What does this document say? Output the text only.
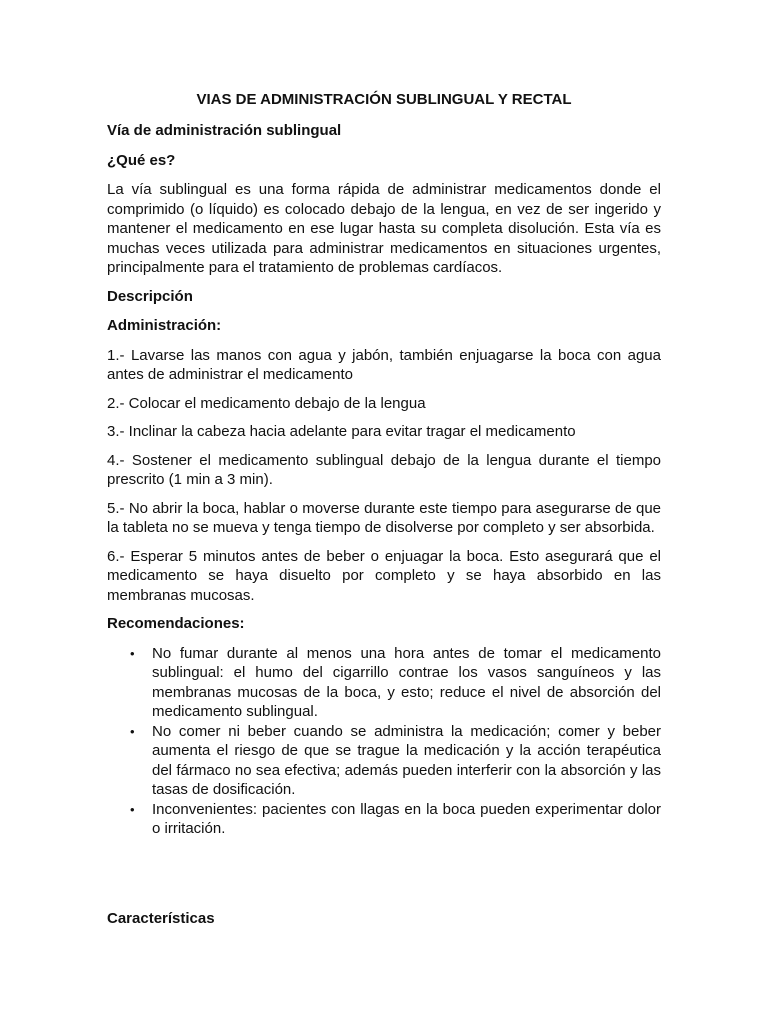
VIAS DE ADMINISTRACIÓN SUBLINGUAL Y RECTAL
Vía de administración sublingual
¿Qué es?

La vía sublingual es una forma rápida de administrar medicamentos donde el comprimido (o líquido) es colocado debajo de la lengua, en vez de ser ingerido y mantener el medicamento en ese lugar hasta su completa disolución. Esta vía es muchas veces utilizada para administrar medicamentos en situaciones urgentes, principalmente para el tratamiento de problemas cardíacos.

Descripción
Administración:

1.- Lavarse las manos con agua y jabón, también enjuagarse la boca con agua antes de administrar el medicamento

2.- Colocar el medicamento debajo de la lengua

3.- Inclinar la cabeza hacia adelante para evitar tragar el medicamento

4.- Sostener el medicamento sublingual debajo de la lengua durante el tiempo prescrito (1 min a 3 min).

5.- No abrir la boca, hablar o moverse durante este tiempo para asegurarse de que la tableta no se mueva y tenga tiempo de disolverse por completo y ser absorbida.

6.- Esperar 5 minutos antes de beber o enjuagar la boca. Esto asegurará que el medicamento se haya disuelto por completo y se haya absorbido en las membranas mucosas.

Recomendaciones:
• No fumar durante al menos una hora antes de tomar el medicamento sublingual: el humo del cigarrillo contrae los vasos sanguíneos y las membranas mucosas de la boca, y esto; reduce el nivel de absorción del medicamento sublingual.
• No comer ni beber cuando se administra la medicación; comer y beber aumenta el riesgo de que se trague la medicación y la acción terapéutica del fármaco no sea efectiva; además pueden interferir con la absorción y las tasas de dosificación.
• Inconvenientes: pacientes con llagas en la boca pueden experimentar dolor o irritación.
Características
